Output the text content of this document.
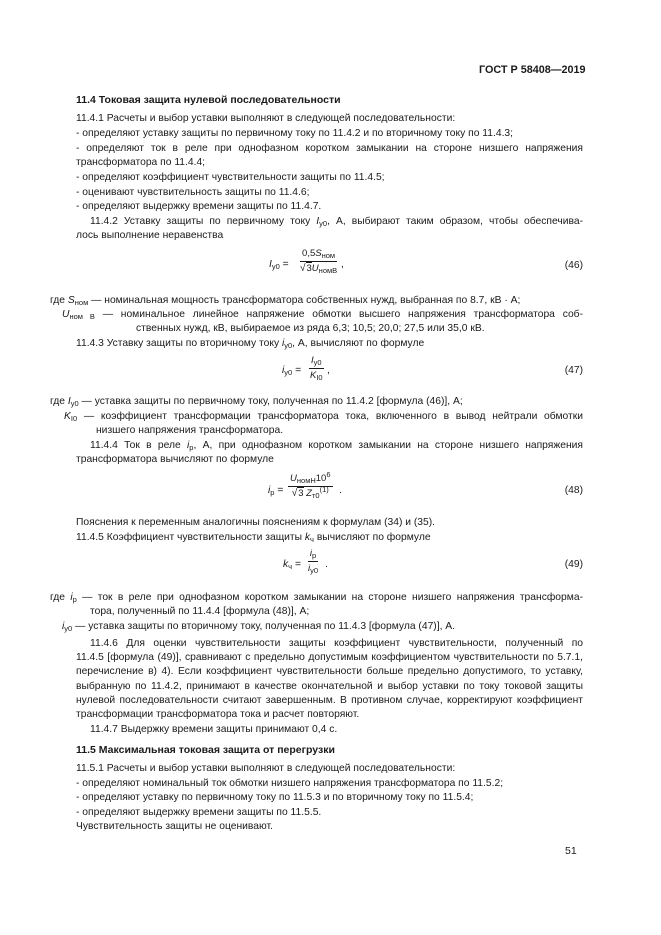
ГОСТ Р 58408—2019
11.4 Токовая защита нулевой последовательности
11.4.1 Расчеты и выбор уставки выполняют в следующей последовательности:
- определяют уставку защиты по первичному току по 11.4.2 и по вторичному току по 11.4.3;
- определяют ток в реле при однофазном коротком замыкании на стороне низшего напряжения
трансформатора по 11.4.4;
- определяют коэффициент чувствительности защиты по 11.4.5;
- оценивают чувствительность защиты по 11.4.6;
- определяют выдержку времени защиты по 11.4.7.
11.4.2 Уставку защиты по первичному току $I_{у0}$, А, выбирают таким образом, чтобы обеспечива-
лось выполнение неравенства
$I_{у0}$ =
$0,5S_{ном}$
$√3U_{номВ}$
,	(46)
где $S_{ном}$ — номинальная мощность трансформатора собственных нужд, выбранная по 8.7, кВ · А;
$U_{ном В}$ — номинальное линейное напряжение обмотки высшего напряжения трансформатора соб-
ственных нужд, кВ, выбираемое из ряда 6,3; 10,5; 20,0; 27,5 или 35,0 кВ.
11.4.3 Уставку защиты по вторичному току $i_{у0}$, А, вычисляют по формуле
$i_{у0}$ =
$I_{у0}$
$K_{I0}$
,	(47)
где $I_{у0}$ — уставка защиты по первичному току, полученная по 11.4.2 [формула (46)], А;
$K_{I0}$ — коэффициент трансформации трансформатора тока, включенного в вывод нейтрали обмотки
низшего напряжения трансформатора.
11.4.4 Ток в реле $i_р$, А, при однофазном коротком замыкании на стороне низшего напряжения
трансформатора вычисляют по формуле
$i_р$ =
$U_{номН}10^6$
√3 $Z_{т0}^{(1)}$ .	(48)
Пояснения к переменным аналогичны пояснениям к формулам (34) и (35).
11.4.5 Коэффициент чувствительности защиты $k_ч$ вычисляют по формуле
$k_ч$ =
$i_р$
$i_{у0}$
.	(49)
где $i_р$ — ток в реле при однофазном коротком замыкании на стороне низшего напряжения трансформа-
тора, полученный по 11.4.4 [формула (48)], А;
$i_{у0}$ — уставка защиты по вторичному току, полученная по 11.4.3 [формула (47)], А.
11.4.6 Для оценки чувствительности защиты коэффициент чувствительности, полученный по
11.4.5 [формула (49)], сравнивают с предельно допустимым коэффициентом чувствительности по 5.7.1,
перечисление в) 4). Если коэффициент чувствительности больше предельно допустимого, то уставку,
выбранную по 11.4.2, принимают в качестве окончательной и выбор уставки по току токовой защиты
нулевой последовательности считают завершенным. В противном случае, корректируют коэффициент
трансформации трансформатора тока и расчет повторяют.
11.4.7 Выдержку времени защиты принимают 0,4 с.
11.5 Максимальная токовая защита от перегрузки
11.5.1 Расчеты и выбор уставки выполняют в следующей последовательности:
- определяют номинальный ток обмотки низшего напряжения трансформатора по 11.5.2;
- определяют уставку по первичному току по 11.5.3 и по вторичному току по 11.5.4;
- определяют выдержку времени защиты по 11.5.5.
Чувствительность защиты не оценивают.
51
